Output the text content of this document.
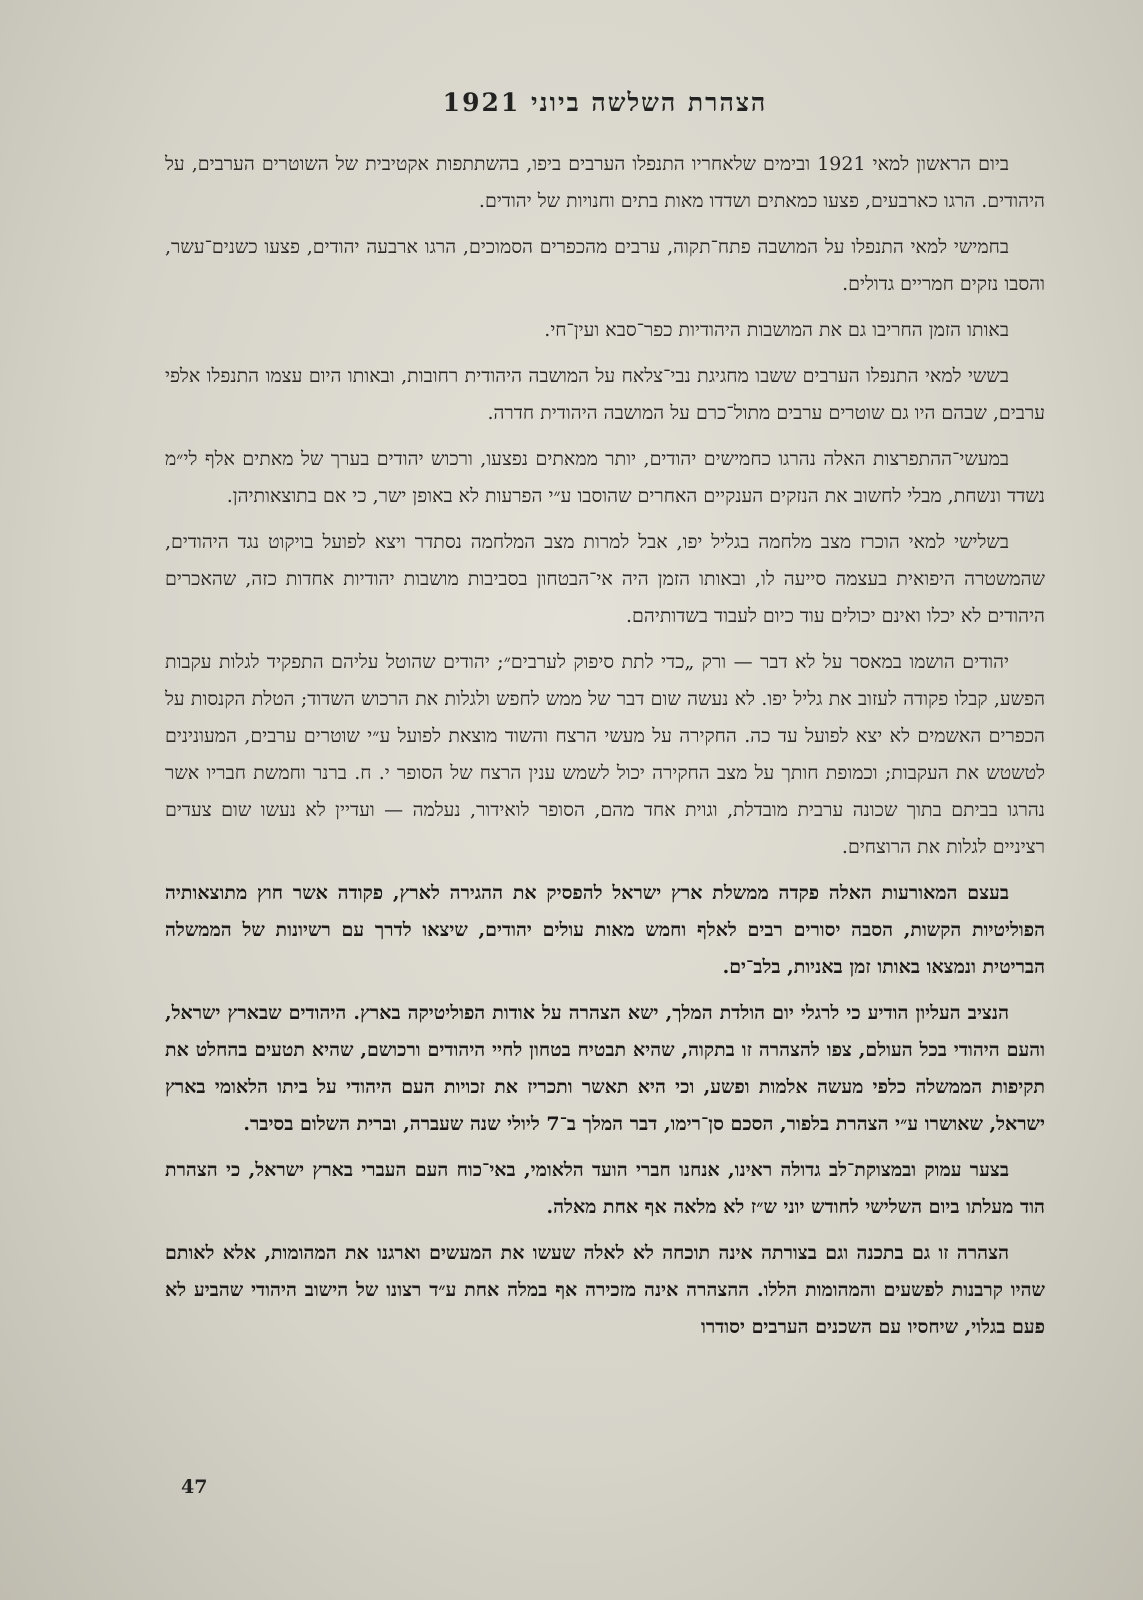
הצהרת השלשה ביוני 1921

ביום הראשון למאי 1921 ובימים שלאחריו התנפלו הערבים ביפו, בהשתתפות אקטיבית של השוטרים הערבים, על היהודים. הרגו כארבעים, פצעו כמאתים ושדדו מאות בתים וחנויות של יהודים.

בחמישי למאי התנפלו על המושבה פתח־תקוה, ערבים מהכפרים הסמוכים, הרגו ארבעה יהודים, פצעו כשנים־עשר, והסבו נזקים חמריים גדולים.

באותו הזמן החריבו גם את המושבות היהודיות כפר־סבא ועין־חי.

בששי למאי התנפלו הערבים ששבו מחגיגת נבי־צלאח על המושבה היהודית רחובות, ובאותו היום עצמו התנפלו אלפי ערבים, שבהם היו גם שוטרים ערבים מתול־כרם על המושבה היהודית חדרה.

במעשי־ההתפרצות האלה נהרגו כחמישים יהודים, יותר ממאתים נפצעו, ורכוש יהודים בערך של מאתים אלף לי״מ נשדד ונשחת, מבלי לחשוב את הנזקים הענקיים האחרים שהוסבו ע״י הפרעות לא באופן ישר, כי אם בתוצאותיהן.

בשלישי למאי הוכרז מצב מלחמה בגליל יפו, אבל למרות מצב המלחמה נסתדר ויצא לפועל בויקוט נגד היהודים, שהמשטרה היפואית בעצמה סייעה לו, ובאותו הזמן היה אי־הבטחון בסביבות מושבות יהודיות אחדות כזה, שהאכרים היהודים לא יכלו ואינם יכולים עוד כיום לעבוד בשדותיהם.

יהודים הושמו במאסר על לא דבר — ורק „כדי לתת סיפוק לערבים״; יהודים שהוטל עליהם התפקיד לגלות עקבות הפשע, קבלו פקודה לעזוב את גליל יפו. לא נעשה שום דבר של ממש לחפש ולגלות את הרכוש השדוד; הטלת הקנסות על הכפרים האשמים לא יצא לפועל עד כה. החקירה על מעשי הרצח והשוד מוצאת לפועל ע״י שוטרים ערבים, המעונינים לטשטש את העקבות; וכמופת חותך על מצב החקירה יכול לשמש ענין הרצח של הסופר י. ח. ברנר וחמשת חבריו אשר נהרגו בביתם בתוך שכונה ערבית מובדלת, וגוית אחד מהם, הסופר לואידור, נעלמה — ועדיין לא נעשו שום צעדים רציניים לגלות את הרוצחים.

בעצם המאורעות האלה פקדה ממשלת ארץ ישראל להפסיק את ההגירה לארץ, פקודה אשר חוץ מתוצאותיה הפוליטיות הקשות, הסבה יסורים רבים לאלף וחמש מאות עולים יהודים, שיצאו לדרך עם רשיונות של הממשלה הבריטית ונמצאו באותו זמן באניות, בלב־ים.

הנציב העליון הודיע כי לרגלי יום הולדת המלך, ישא הצהרה על אודות הפוליטיקה בארץ. היהודים שבארץ ישראל, והעם היהודי בכל העולם, צפו להצהרה זו בתקוה, שהיא תבטיח בטחון לחיי היהודים ורכושם, שהיא תטעים בהחלט את תקיפות הממשלה כלפי מעשה אלמות ופשע, וכי היא תאשר ותכריז את זכויות העם היהודי על ביתו הלאומי בארץ ישראל, שאושרו ע״י הצהרת בלפור, הסכם סן־רימו, דבר המלך ב־7 ליולי שנה שעברה, וברית השלום בסיבר.

בצער עמוק ובמצוקת־לב גדולה ראינו, אנחנו חברי הועד הלאומי, באי־כוח העם העברי בארץ ישראל, כי הצהרת הוד מעלתו ביום השלישי לחודש יוני ש״ז לא מלאה אף אחת מאלה.

הצהרה זו גם בתכנה וגם בצורתה אינה תוכחה לא לאלה שעשו את המעשים וארגנו את המהומות, אלא לאותם שהיו קרבנות לפשעים והמהומות הללו. ההצהרה אינה מזכירה אף במלה אחת ע״ד רצונו של הישוב היהודי שהביע לא פעם בגלוי, שיחסיו עם השכנים הערבים יסודרו

47
